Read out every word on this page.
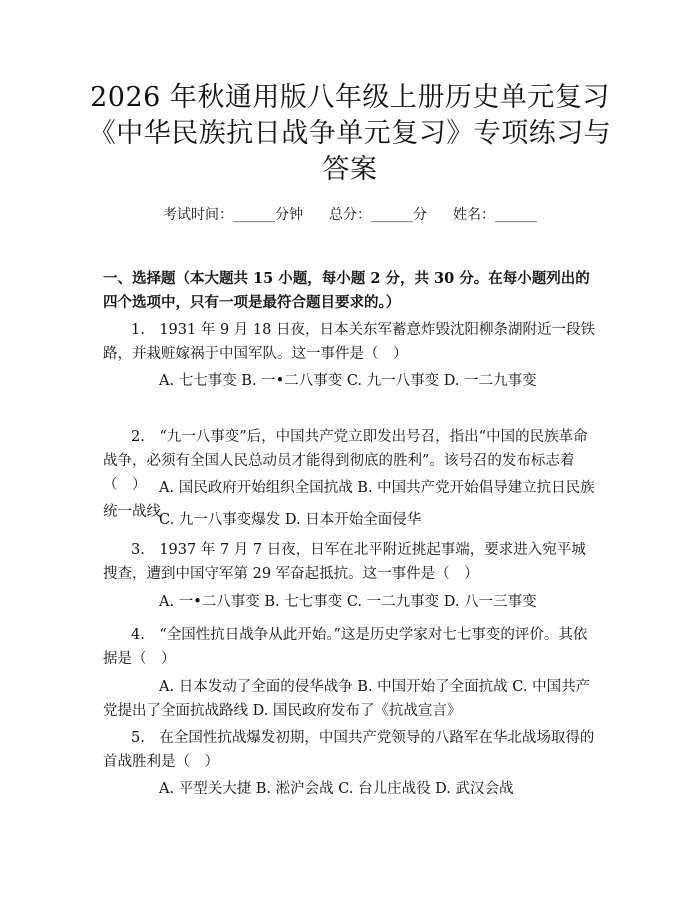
2026 年秋通用版八年级上册历史单元复习
《中华民族抗日战争单元复习》专项练习与
答案
考试时间：______分钟 总分：______分 姓名：______
一、选择题（本大题共 15 小题，每小题 2 分，共 30 分。在每小题列出的四个选项中，只有一项是最符合题目要求的。）
1.　1931 年 9 月 18 日夜，日本关东军蓄意炸毁沈阳柳条湖附近一段铁路，并栽赃嫁祸于中国军队。这一事件是（　）
A. 七七事变 B. 一•二八事变 C. 九一八事变 D. 一二九事变
2.　“九一八事变”后，中国共产党立即发出号召，指出“中国的民族革命战争，必须有全国人民总动员才能得到彻底的胜利”。该号召的发布标志着（　） A. 国民政府开始组织全国抗战 B. 中国共产党开始倡导建立抗日民族统一战线
C. 九一八事变爆发 D. 日本开始全面侵华
3.　1937 年 7 月 7 日夜，日军在北平附近挑起事端，要求进入宛平城搜查，遭到中国守军第 29 军奋起抵抗。这一事件是（　）
A. 一•二八事变 B. 七七事变 C. 一二九事变 D. 八一三事变
4.　“全国性抗日战争从此开始。”这是历史学家对七七事变的评价。其依据是（　）
A. 日本发动了全面的侵华战争 B. 中国开始了全面抗战 C. 中国共产党提出了全面抗战路线 D. 国民政府发布了《抗战宣言》
5.　在全国性抗战爆发初期，中国共产党领导的八路军在华北战场取得的首战胜利是（　）
A. 平型关大捷 B. 淞沪会战 C. 台儿庄战役 D. 武汉会战
